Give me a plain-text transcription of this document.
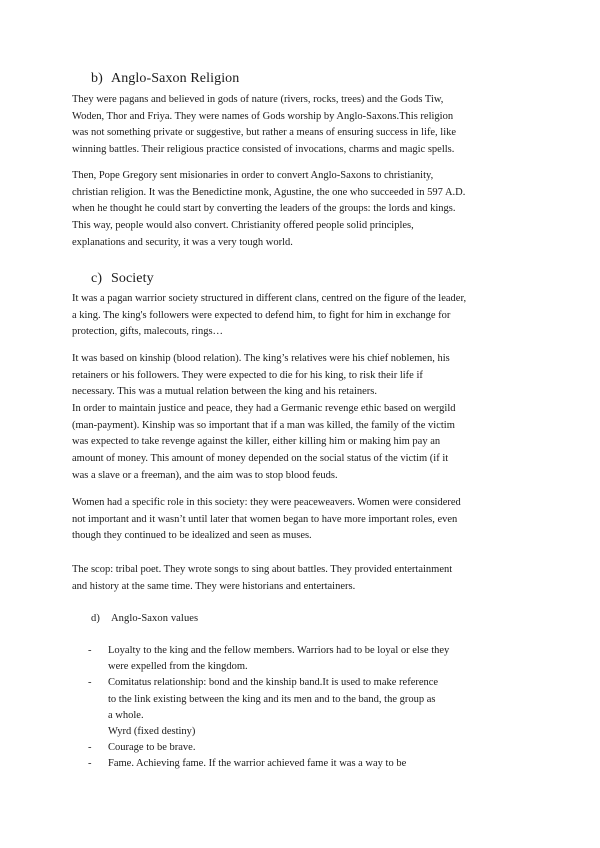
b) Anglo-Saxon Religion
They were pagans and believed in gods of nature (rivers, rocks, trees) and the Gods Tiw,
Woden, Thor and Friya. They were names of Gods worship by Anglo-Saxons.This religion
was not something private or suggestive, but rather a means of ensuring success in life, like
winning battles. Their religious practice consisted of invocations, charms and magic spells.
Then, Pope Gregory sent misionaries in order to convert Anglo-Saxons to christianity,
christian religion. It was the Benedictine monk, Agustine, the one who succeeded in 597 A.D.
when he thought he could start by converting the leaders of the groups: the lords and kings.
This way, people would also convert. Christianity offered people solid principles,
explanations and security, it was a very tough world.
c) Society
It was a pagan warrior society structured in different clans, centred on the figure of the leader,
a king. The king's followers were expected to defend him, to fight for him in exchange for
protection, gifts, malecouts, rings…
It was based on kinship (blood relation). The king’s relatives were his chief noblemen, his
retainers or his followers. They were expected to die for his king, to risk their life if
necessary. This was a mutual relation between the king and his retainers.
In order to maintain justice and peace, they had a Germanic revenge ethic based on wergild
(man-payment). Kinship was so important that if a man was killed, the family of the victim
was expected to take revenge against the killer, either killing him or making him pay an
amount of money. This amount of money depended on the social status of the victim (if it
was a slave or a freeman), and the aim was to stop blood feuds.
Women had a specific role in this society: they were peaceweavers. Women were considered
not important and it wasn’t until later that women began to have more important roles, even
though they continued to be idealized and seen as muses.
The scop: tribal poet. They wrote songs to sing about battles. They provided entertainment
and history at the same time. They were historians and entertainers.
d) Anglo-Saxon values
-	Loyalty to the king and the fellow members. Warriors had to be loyal or else they
were expelled from the kingdom.
-	Comitatus relationship: bond and the kinship band.It is used to make reference
to the link existing between the king and its men and to the band, the group as
a whole.
Wyrd (fixed destiny)
-	Courage to be brave.
-	Fame. Achieving fame. If the warrior achieved fame it was a way to be
